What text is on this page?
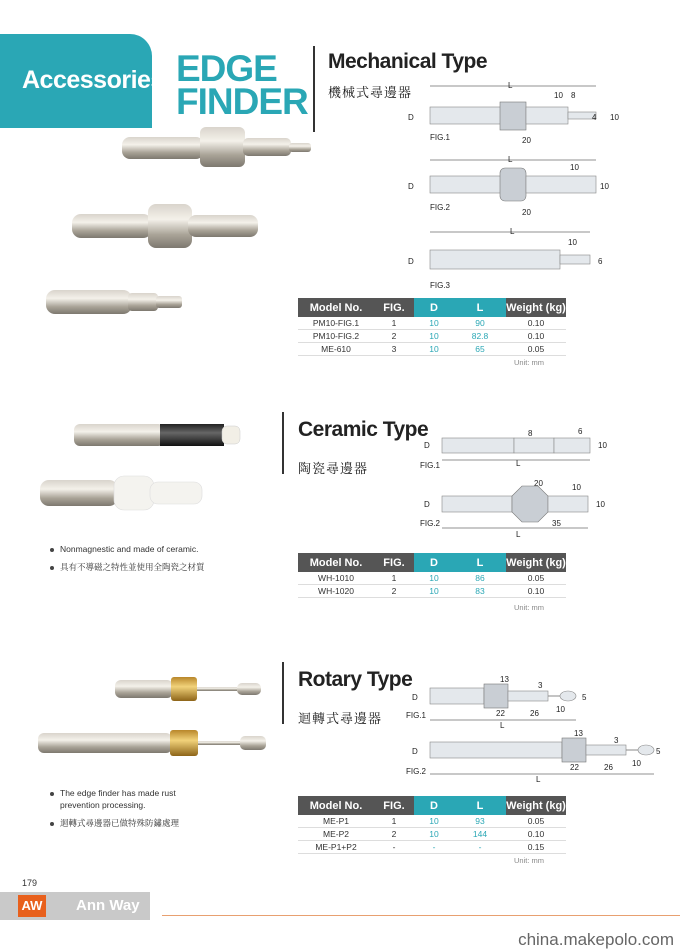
Accessories EDGE
FINDER
Mechanical Type
機械式尋邊器	L
10 8
4 10
D
20
FIG.1
L
10
D	10
20
FIG.2
L
10
D	6
FIG.3
Model No.	FIG.	D	L	Weight (kg)
PM10-FIG.1	1	10	90	0.10
PM10-FIG.2	2	10	82.8	0.10
ME-610	3	10	65	0.05
Unit: mm
Ceramic Type
陶瓷尋邊器
Nonmagnestic and made of ceramic.
具有不導磁之特性並使用全陶瓷之材質
8	6
D	10
L
FIG.1
20	10
D	10
35
L
FIG.2
Model No.	FIG.	D	L	Weight (kg)
WH-1010	1	10	86	0.05
WH-1020	2	10	83	0.10
Unit: mm
Rotary Type
迴轉式尋邊器
The edge finder has made rust
prevention processing.
迴轉式尋邊器已做特殊防鏽處理
13
3
5
D
22	26 10
L
FIG.1
13
3
5
D
22	26 10
L
FIG.2
Model No.	FIG.	D	L	Weight (kg)
ME-P1	1	10	93	0.05
ME-P2	2	10	144	0.10
ME-P1+P2	-	-	-	0.15
Unit: mm
179
AW Ann Way
china.makepolo.com
